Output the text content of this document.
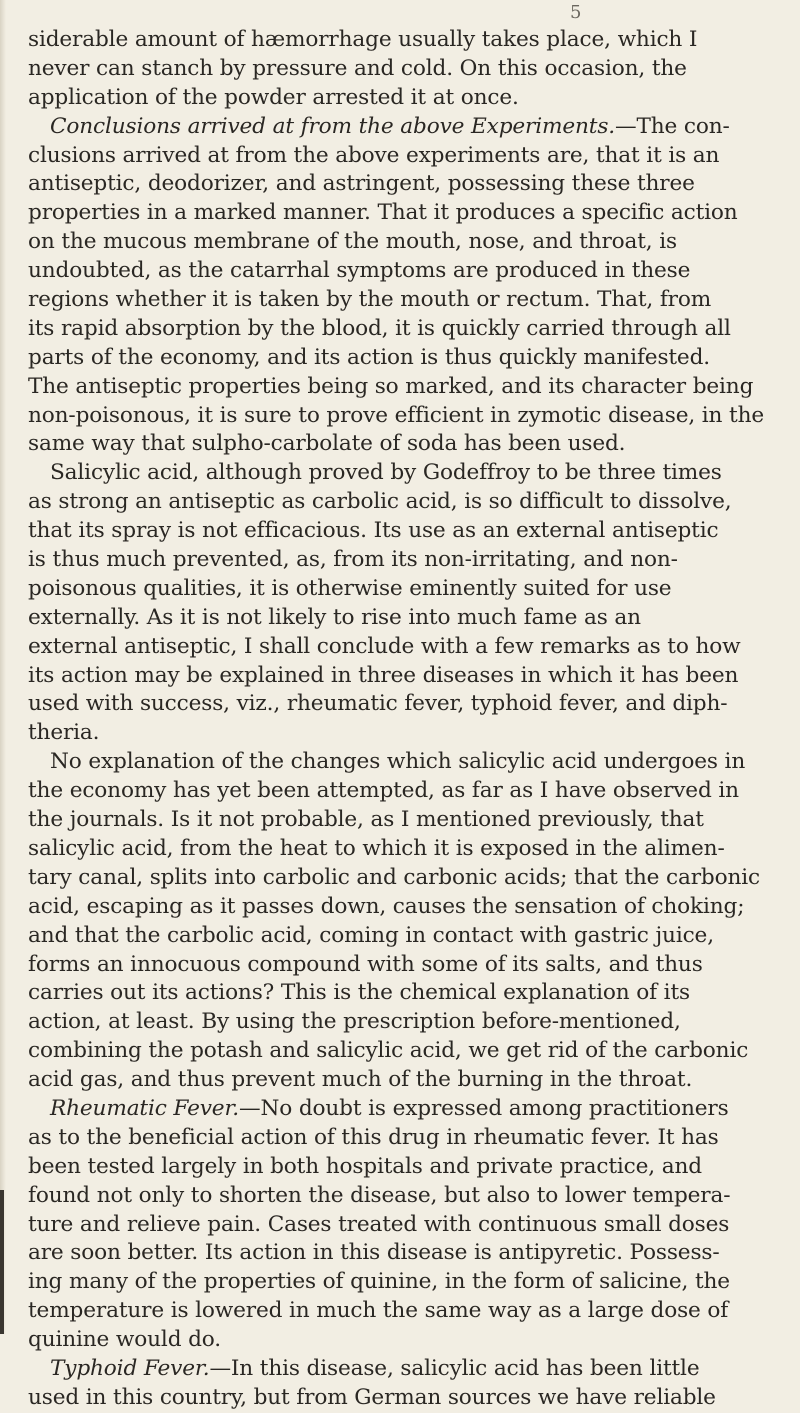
5
siderable amount of hæmorrhage usually takes place, which I
never can stanch by pressure and cold. On this occasion, the
application of the powder arrested it at once.
Conclusions arrived at from the above Experiments.—The con-
clusions arrived at from the above experiments are, that it is an
antiseptic, deodorizer, and astringent, possessing these three
properties in a marked manner. That it produces a specific action
on the mucous membrane of the mouth, nose, and throat, is
undoubted, as the catarrhal symptoms are produced in these
regions whether it is taken by the mouth or rectum. That, from
its rapid absorption by the blood, it is quickly carried through all
parts of the economy, and its action is thus quickly manifested.
The antiseptic properties being so marked, and its character being
non-poisonous, it is sure to prove efficient in zymotic disease, in the
same way that sulpho-carbolate of soda has been used.
Salicylic acid, although proved by Godeffroy to be three times
as strong an antiseptic as carbolic acid, is so difficult to dissolve,
that its spray is not efficacious. Its use as an external antiseptic
is thus much prevented, as, from its non-irritating, and non-
poisonous qualities, it is otherwise eminently suited for use
externally. As it is not likely to rise into much fame as an
external antiseptic, I shall conclude with a few remarks as to how
its action may be explained in three diseases in which it has been
used with success, viz., rheumatic fever, typhoid fever, and diph-
theria.
No explanation of the changes which salicylic acid undergoes in
the economy has yet been attempted, as far as I have observed in
the journals. Is it not probable, as I mentioned previously, that
salicylic acid, from the heat to which it is exposed in the alimen-
tary canal, splits into carbolic and carbonic acids; that the carbonic
acid, escaping as it passes down, causes the sensation of choking;
and that the carbolic acid, coming in contact with gastric juice,
forms an innocuous compound with some of its salts, and thus
carries out its actions? This is the chemical explanation of its
action, at least. By using the prescription before-mentioned,
combining the potash and salicylic acid, we get rid of the carbonic
acid gas, and thus prevent much of the burning in the throat.
Rheumatic Fever.—No doubt is expressed among practitioners
as to the beneficial action of this drug in rheumatic fever. It has
been tested largely in both hospitals and private practice, and
found not only to shorten the disease, but also to lower tempera-
ture and relieve pain. Cases treated with continuous small doses
are soon better. Its action in this disease is antipyretic. Possess-
ing many of the properties of quinine, in the form of salicine, the
temperature is lowered in much the same way as a large dose of
quinine would do.
Typhoid Fever.—In this disease, salicylic acid has been little
used in this country, but from German sources we have reliable
